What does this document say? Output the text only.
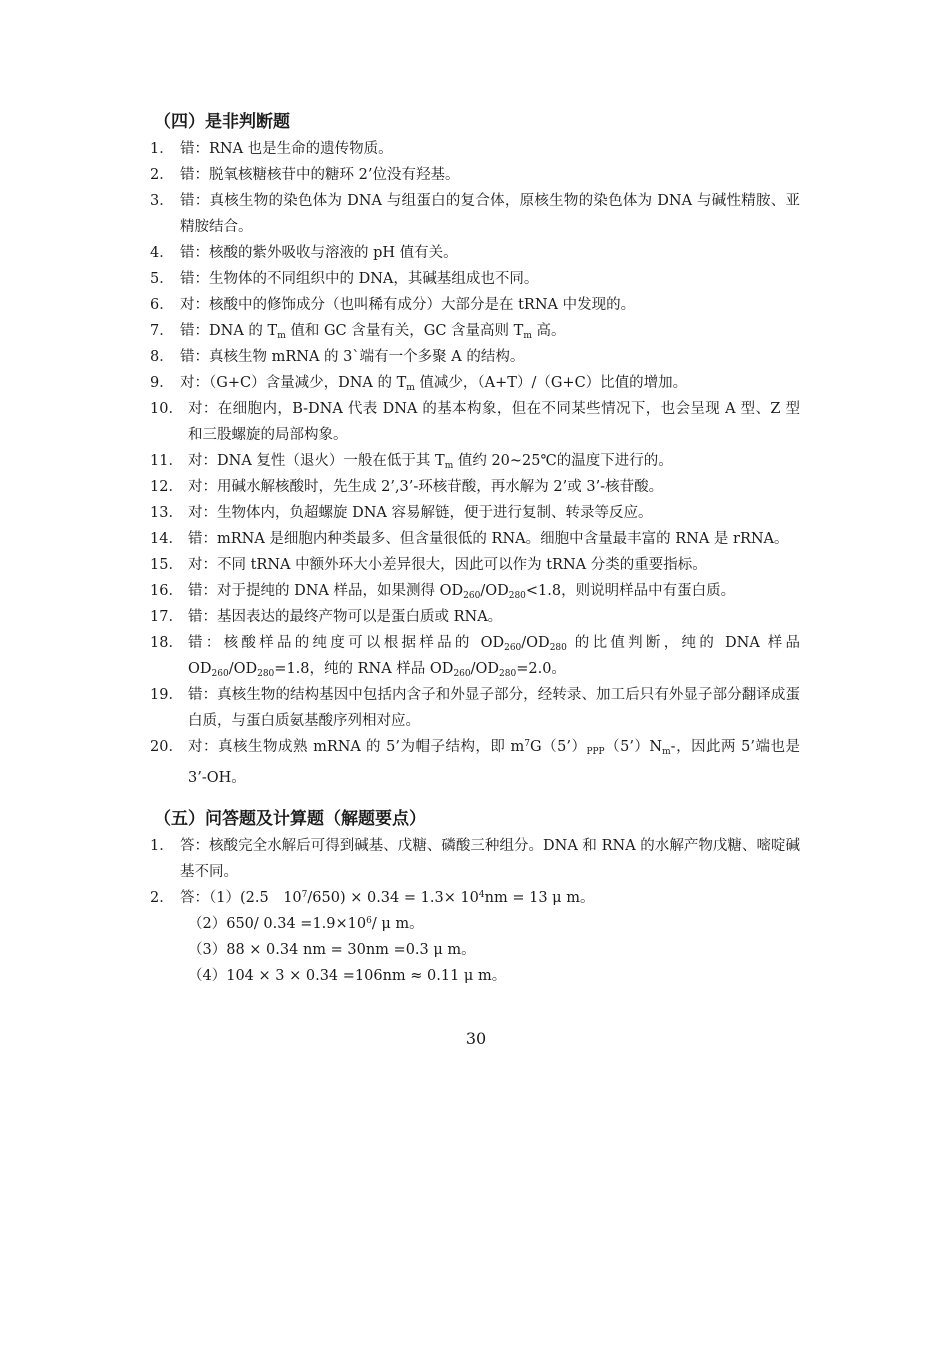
（四）是非判断题
1． 错：RNA 也是生命的遗传物质。
2． 错：脱氧核糖核苷中的糖环 2’位没有羟基。
3． 错：真核生物的染色体为 DNA 与组蛋白的复合体，原核生物的染色体为 DNA 与碱性精胺、亚精胺结合。
4． 错：核酸的紫外吸收与溶液的 pH 值有关。
5． 错：生物体的不同组织中的 DNA，其碱基组成也不同。
6． 对：核酸中的修饰成分（也叫稀有成分）大部分是在 tRNA 中发现的。
7． 错：DNA 的 $T_m$ 值和 GC 含量有关，GC 含量高则 $T_m$ 高。
8． 错：真核生物 mRNA 的 3`端有一个多聚 A 的结构。
9． 对：（G+C）含量减少，DNA 的 $T_m$ 值减少，（A+T）/（G+C）比值的增加。
10． 对：在细胞内，B-DNA 代表 DNA 的基本构象，但在不同某些情况下，也会呈现 A 型、Z 型和三股螺旋的局部构象。
11． 对：DNA 复性（退火）一般在低于其 $T_m$ 值约 20~25℃的温度下进行的。
12． 对：用碱水解核酸时，先生成 2’,3’-环核苷酸，再水解为 2’或 3’-核苷酸。
13． 对：生物体内，负超螺旋 DNA 容易解链，便于进行复制、转录等反应。
14． 错：mRNA 是细胞内种类最多、但含量很低的 RNA。细胞中含量最丰富的 RNA 是 rRNA。
15． 对：不同 tRNA 中额外环大小差异很大，因此可以作为 tRNA 分类的重要指标。
16． 错：对于提纯的 DNA 样品，如果测得 $OD_{260}/OD_{280}<1.8$，则说明样品中有蛋白质。
17． 错：基因表达的最终产物可以是蛋白质或 RNA。
18． 错：核酸样品的纯度可以根据样品的 $OD_{260}/OD_{280}$ 的比值判断，纯的 DNA 样品 $OD_{260}/OD_{280}=1.8$，纯的 RNA 样品 $OD_{260}/OD_{280}=2.0$。
19． 错：真核生物的结构基因中包括内含子和外显子部分，经转录、加工后只有外显子部分翻译成蛋白质，与蛋白质氨基酸序列相对应。
20． 对：真核生物成熟 mRNA 的 5’为帽子结构，即 $m^7G(5’)_{PPP}(5’)N_m-$，因此两 5’端也是 3’-OH。
（五）问答题及计算题（解题要点）
1． 答：核酸完全水解后可得到碱基、戊糖、磷酸三种组分。DNA 和 RNA 的水解产物戊糖、嘧啶碱基不同。
2． 答：（1）(2.5　$10^7/650) \times 0.34 = 1.3\times 10^4nm = 13$ μ m。
（2）650/ $0.34 =1.9\times 10^6/$ μ m。
（3）88 × 0.34 nm = 30nm =0.3 μ m。
（4）104 × 3 × 0.34 =106nm ≈ 0.11 μ m。
30
